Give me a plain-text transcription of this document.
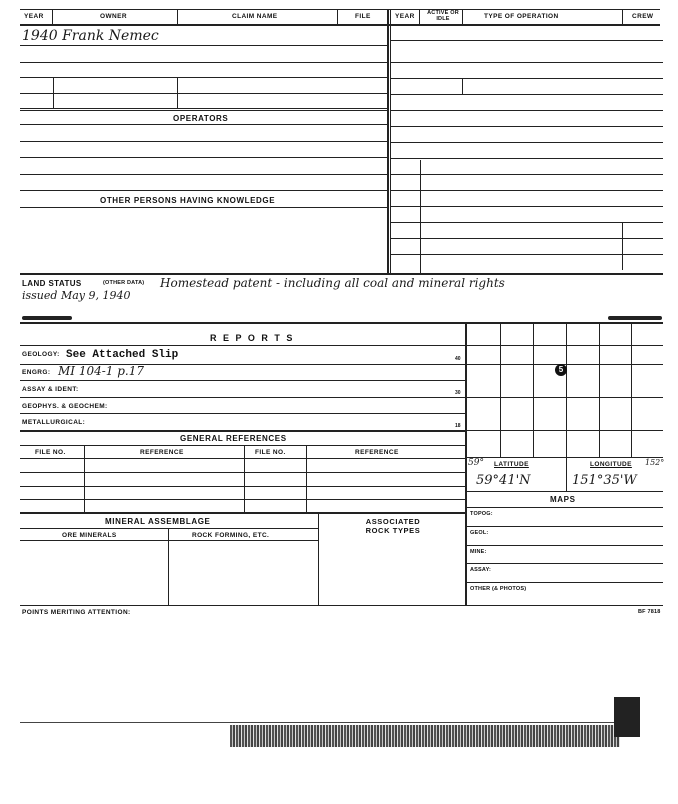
YEAR	OWNER	CLAIM NAME	FILE	YEAR	ACTIVE OR IDLE	TYPE OF OPERATION	CREW
1940 Frank Nemec
OPERATORS
OTHER PERSONS HAVING KNOWLEDGE
LAND STATUS	(OTHER DATA) Homestead patent - including all coal and mineral rights
issued May 9, 1940
R E P O R T S
GEOLOGY: See Attached Slip	40
ENGRG: MI 104-1 p.17
ASSAY & IDENT:	30
GEOPHYS. & GEOCHEM:
METALLURGICAL:	18
GENERAL REFERENCES
FILE NO.	REFERENCE	FILE NO.	REFERENCE
MINERAL ASSEMBLAGE	ASSOCIATED ROCK TYPES
ORE MINERALS	ROCK FORMING, ETC.
5
59° LATITUDE	LONGITUDE 152°
59°41'N	151°35'W
MAPS
TOPOG:
GEOL:
MINE:
ASSAY:
OTHER (& PHOTOS)
POINTS MERITING ATTENTION:	BF 7818
